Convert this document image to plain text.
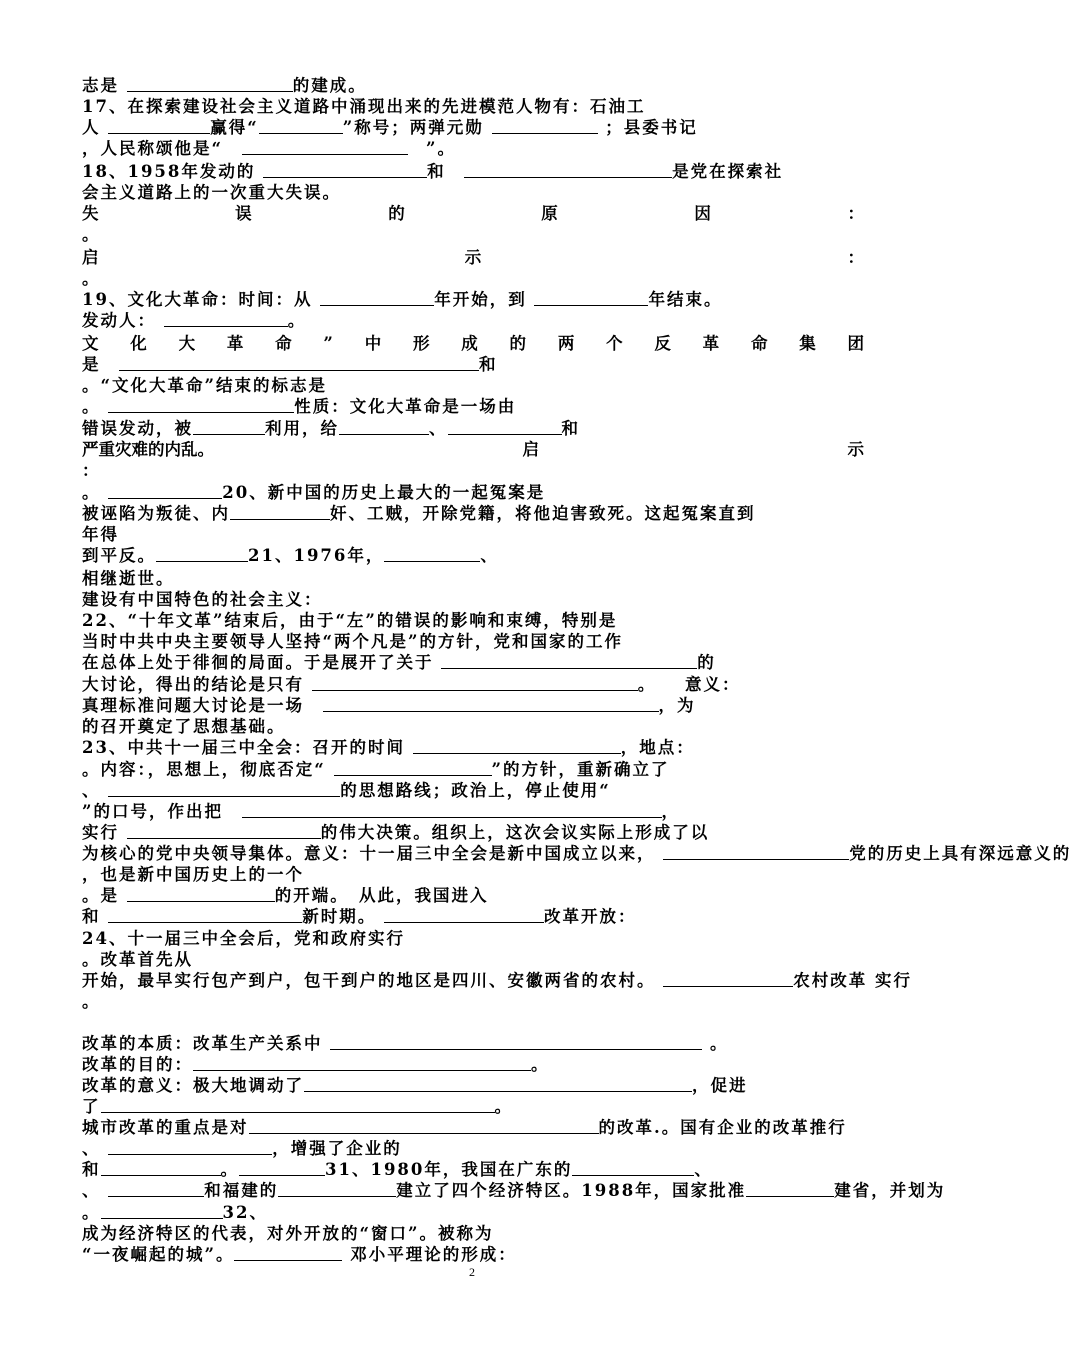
志是	的建成。
17、在探索建设社会主义道路中涌现出来的先进模范人物有：石油工
人	赢得“	”称号；两弹元勋	；县委书记
，人民称颂他是“　　	”。
18、1958年发动的	和　	是党在探索社
会主义道路上的一次重大失误。
失	误	的	原	因	：
。
启	示	：
。
19、文化大革命：时间：从	年开始，到	年结束。
发动人：	。
文 化 大 革 命 ” 中 形 成 的 两 个 反 革 命 集 团
是　	和
。“文化大革命”结束的标志是
。	性质：文化大革命是一场由
错误发动，被	利用，给	、	和
严重灾难的内乱。	启	示
：
。	20、新中国的历史上最大的一起冤案是
被诬陷为叛徒、内	奸、工贼，开除党籍，将他迫害致死。这起冤案直到
年得
到平反。	21、1976年，	、
相继逝世。
建设有中国特色的社会主义：
22、“十年文革”结束后，由于“左”的错误的影响和束缚，特别是
当时中共中央主要领导人坚持“两个凡是”的方针，党和国家的工作
在总体上处于徘徊的局面。于是展开了关于	的
大讨论，得出的结论是只有	。　　 意义：
真理标准问题大讨论是一场　	，为
的召开奠定了思想基础。
23、中共十一届三中全会：召开的时间	，地点：
。内容：，思想上，彻底否定“	”的方针，重新确立了
、	的思想路线；政治上，停止使用“
”的口号，作出把　	，
实行	的伟大决策。组织上，这次会议实际上形成了以
为核心的党中央领导集体。意义：十一届三中全会是新中国成立以来，	党的历史上具有深远意义的
，也是新中国历史上的一个
。是	的开端。　从此，我国进入
和	新时期。	改革开放：
24、十一届三中全会后，党和政府实行
。改革首先从
开始，最早实行包产到户，包干到户的地区是四川、安徽两省的农村。	农村改革 实行
。
改革的本质：改革生产关系中	。
改革的目的：	。
改革的意义：极大地调动了	，促进
了	。
城市改革的重点是对	的改革.。国有企业的改革推行
、	，增强了企业的
和	。	31、1980年，我国在广东的	、
、	和福建的	建立了四个经济特区。1988年，国家批准	建省，并划为
。	32、
成为经济特区的代表，对外开放的“窗口”。被称为
“一夜崛起的城”。	邓小平理论的形成：
2
